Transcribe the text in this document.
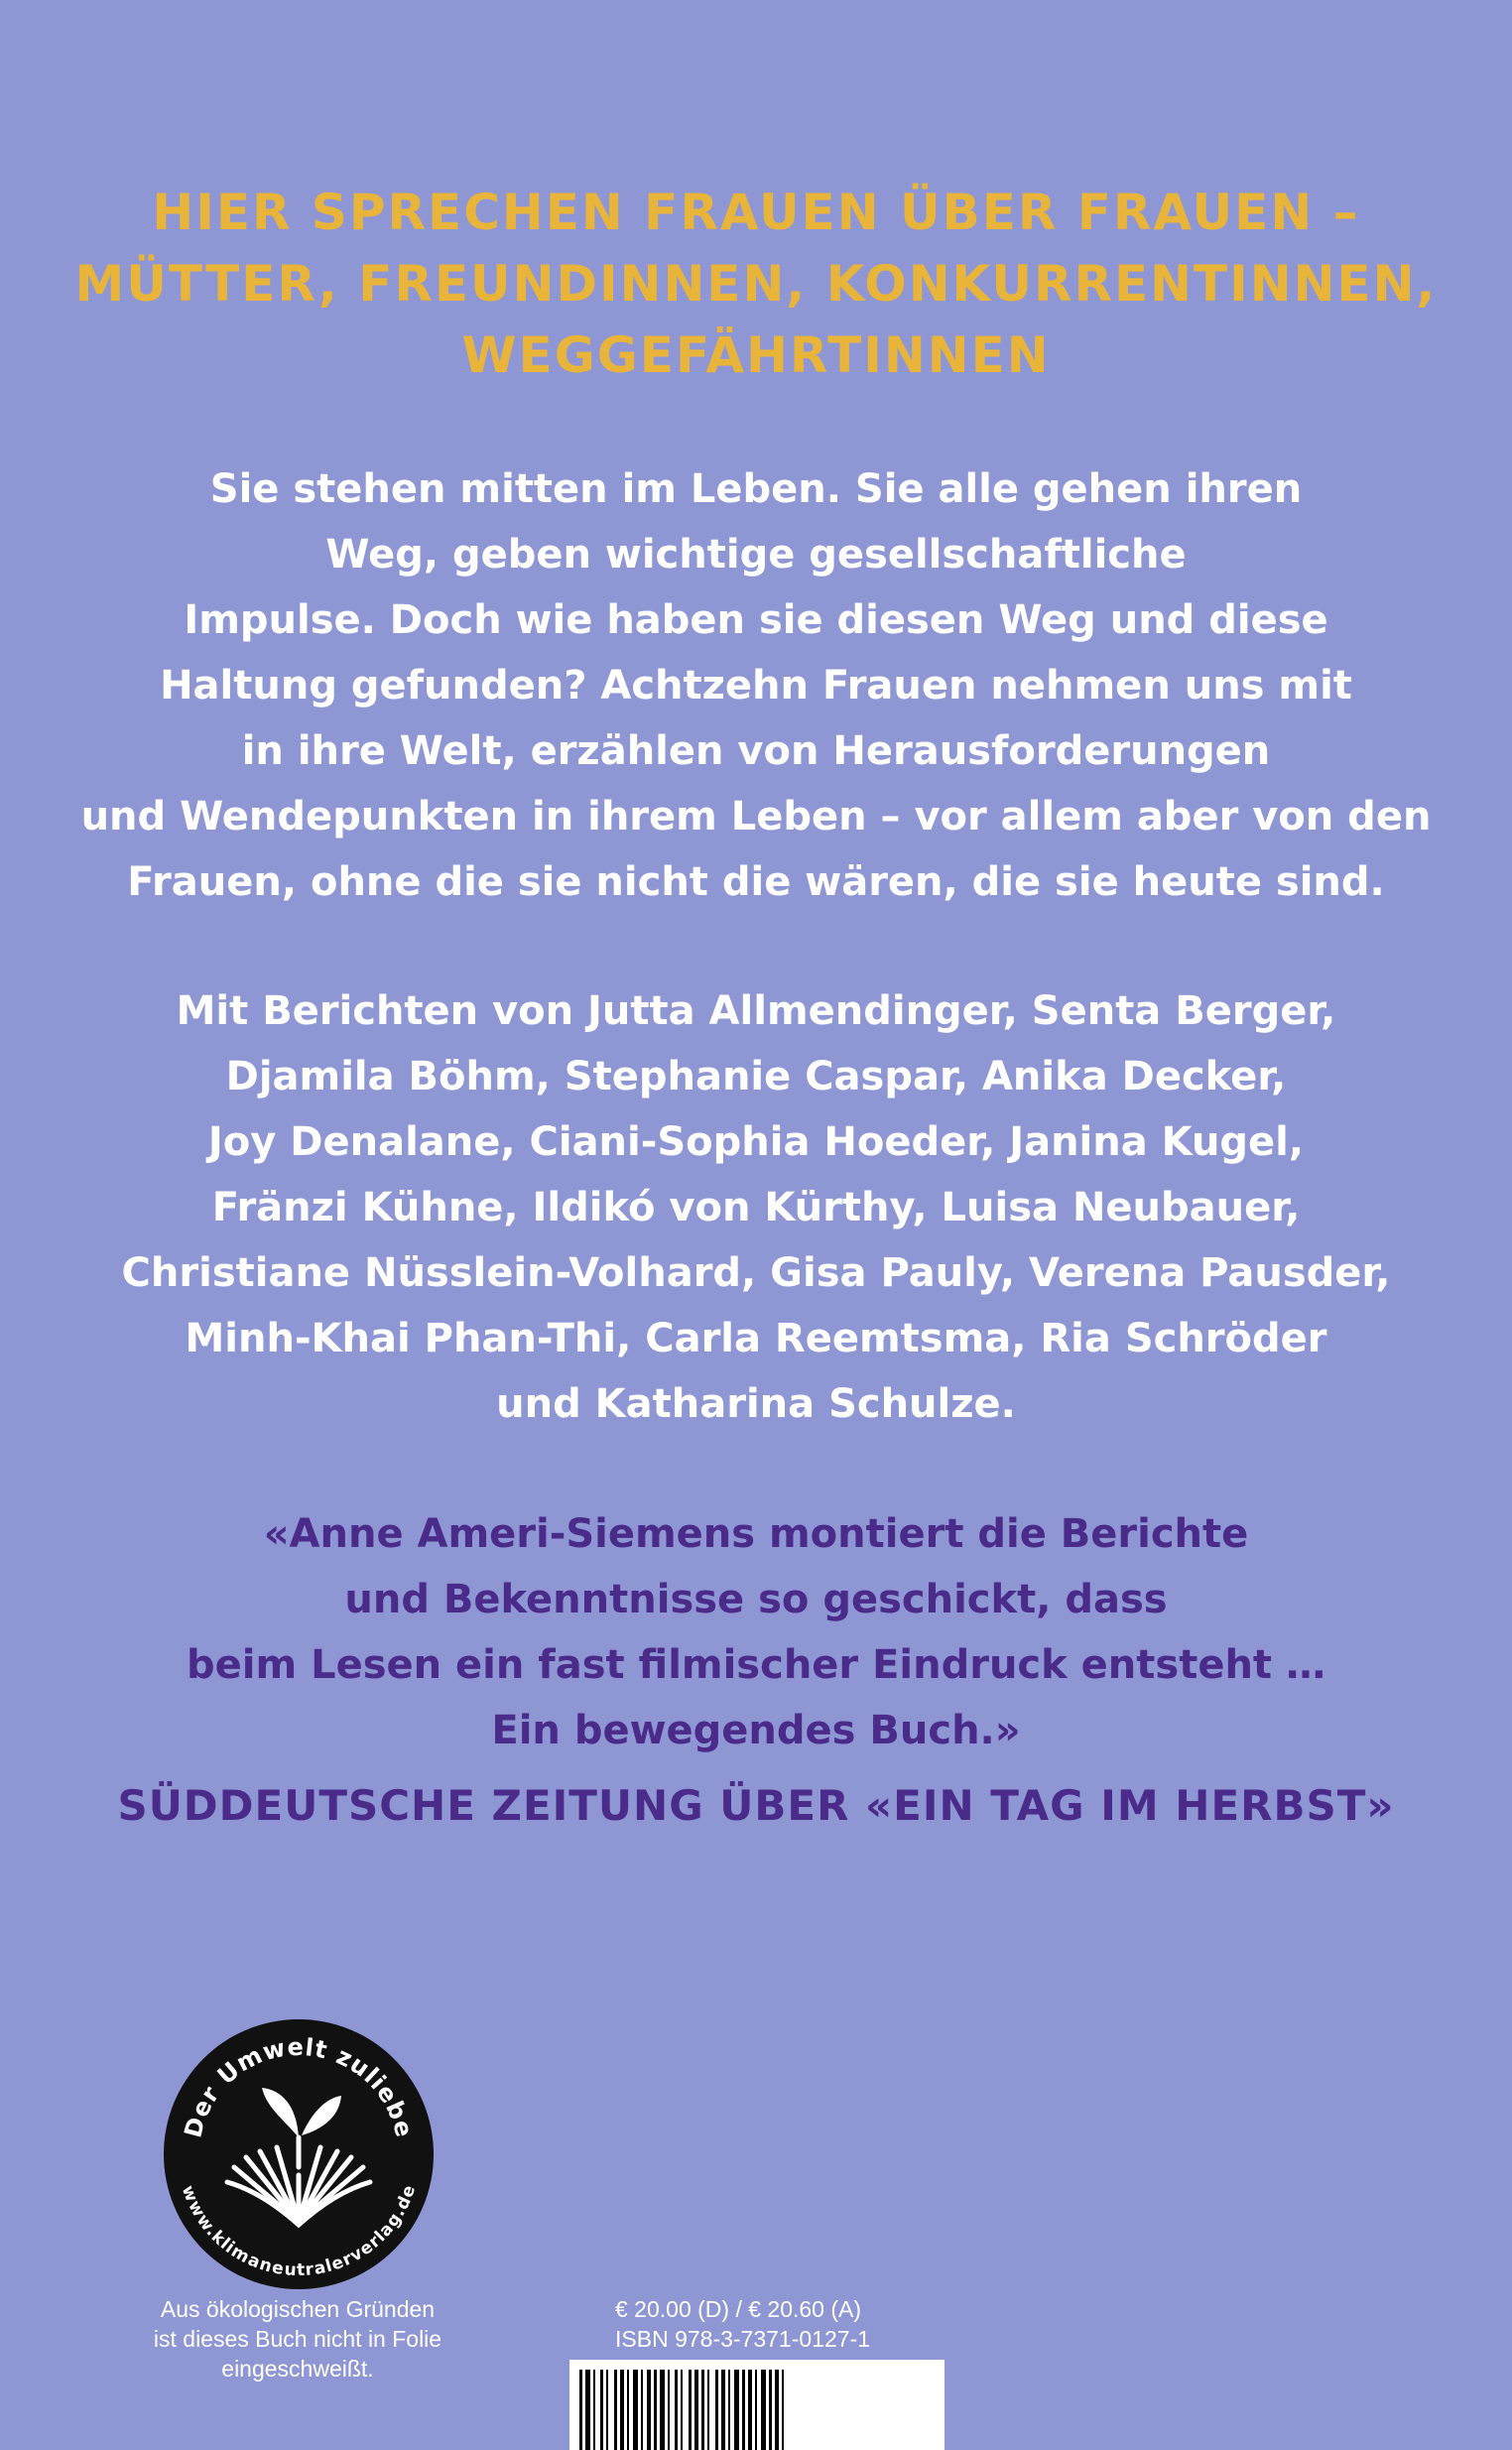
HIER SPRECHEN FRAUEN ÜBER FRAUEN –
MÜTTER, FREUNDINNEN, KONKURRENTINNEN,
WEGGEFÄHRTINNEN
Sie stehen mitten im Leben. Sie alle gehen ihren
Weg, geben wichtige gesellschaftliche
Impulse. Doch wie haben sie diesen Weg und diese
Haltung gefunden? Achtzehn Frauen nehmen uns mit
in ihre Welt, erzählen von Herausforderungen
und Wendepunkten in ihrem Leben – vor allem aber von den
Frauen, ohne die sie nicht die wären, die sie heute sind.
Mit Berichten von Jutta Allmendinger, Senta Berger,
Djamila Böhm, Stephanie Caspar, Anika Decker,
Joy Denalane, Ciani-Sophia Hoeder, Janina Kugel,
Fränzi Kühne, Ildikó von Kürthy, Luisa Neubauer,
Christiane Nüsslein-Volhard, Gisa Pauly, Verena Pausder,
Minh-Khai Phan-Thi, Carla Reemtsma, Ria Schröder
und Katharina Schulze.
«Anne Ameri-Siemens montiert die Berichte
und Bekenntnisse so geschickt, dass
beim Lesen ein fast filmischer Eindruck entsteht …
Ein bewegendes Buch.»
SÜDDEUTSCHE ZEITUNG ÜBER «EIN TAG IM HERBST»
Der Umwelt zuliebe
www.klimaneutralerverlag.de
Aus ökologischen Gründen
ist dieses Buch nicht in Folie
eingeschweißt.
€ 20.00 (D) / € 20.60 (A)
ISBN 978-3-7371-0127-1
